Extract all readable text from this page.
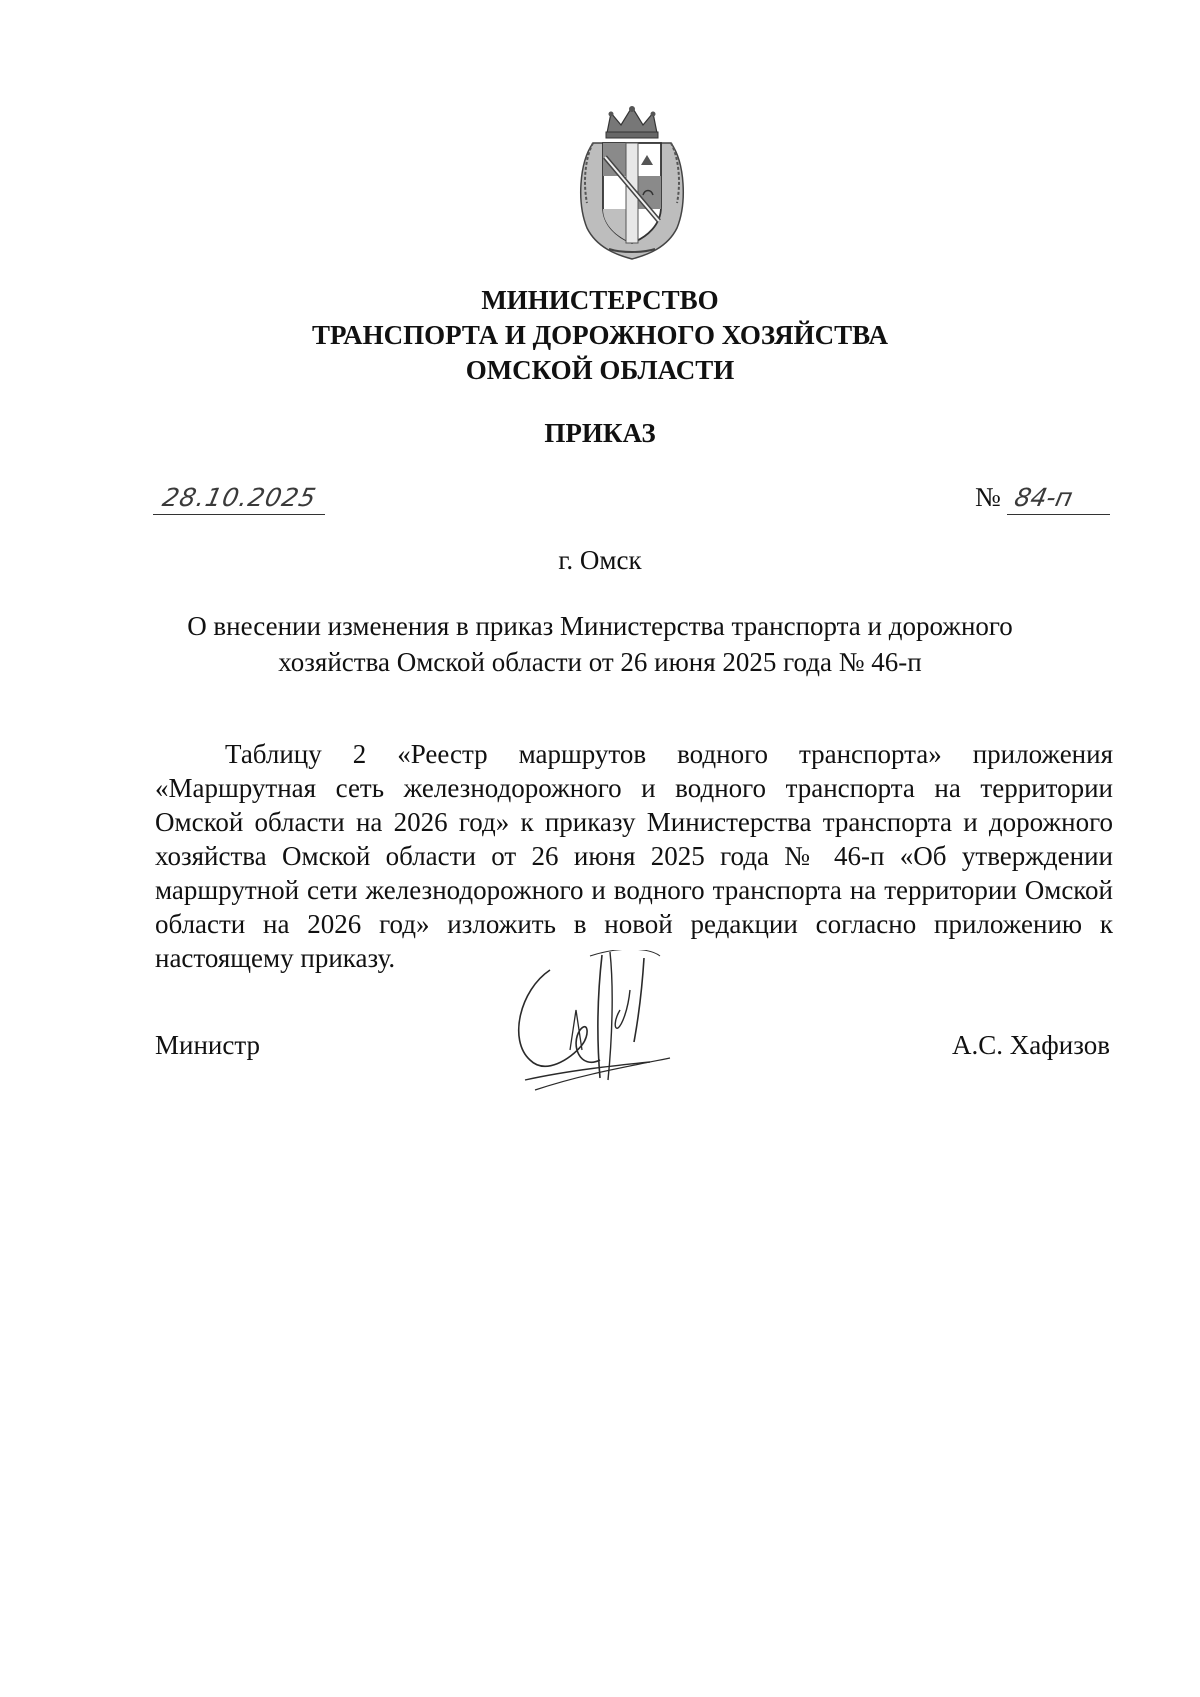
МИНИСТЕРСТВО
ТРАНСПОРТА И ДОРОЖНОГО ХОЗЯЙСТВА
ОМСКОЙ ОБЛАСТИ
ПРИКАЗ
28.10.2025	№ 84-п
г. Омск
О внесении изменения в приказ Министерства транспорта и дорожного хозяйства Омской области от 26 июня 2025 года № 46-п

Таблицу 2 «Реестр маршрутов водного транспорта» приложения «Маршрутная сеть железнодорожного и водного транспорта на территории Омской области на 2026 год» к приказу Министерства транспорта и дорожного хозяйства Омской области от 26 июня 2025 года № 46-п «Об утверждении маршрутной сети железнодорожного и водного транспорта на территории Омской области на 2026 год» изложить в новой редакции согласно приложению к настоящему приказу.

Министр	А.С. Хафизов
